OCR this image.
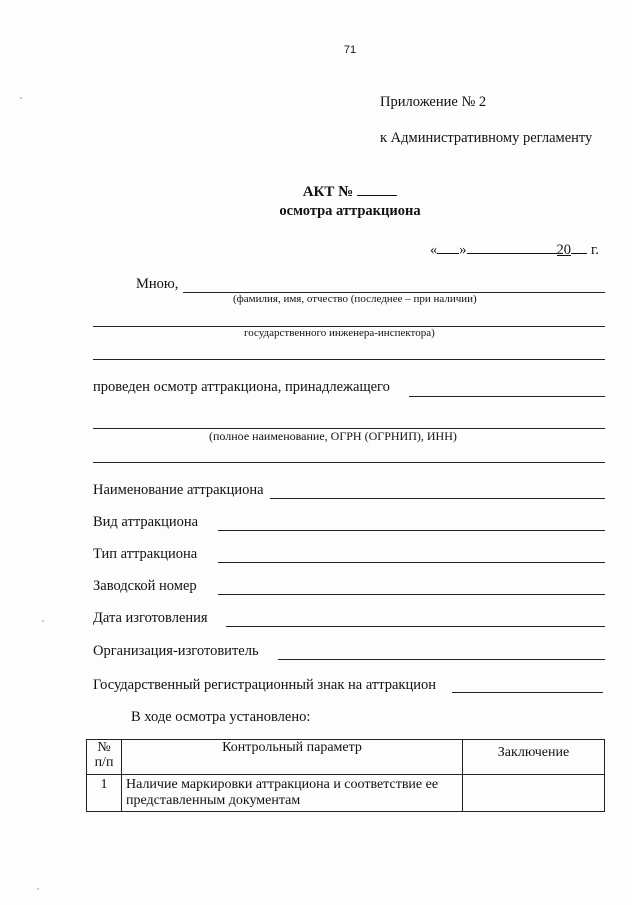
71
Приложение № 2
к Административному регламенту
АКТ №
осмотра аттракциона
« »	20 г.
Мною,
(фамилия, имя, отчество (последнее – при наличии)
государственного инженера-инспектора)
проведен осмотр аттракциона, принадлежащего
(полное наименование, ОГРН (ОГРНИП), ИНН)
Наименование аттракциона
Вид аттракциона
Тип аттракциона
Заводской номер
Дата изготовления
Организация-изготовитель
Государственный регистрационный знак на аттракцион
В ходе осмотра установлено:
№
п/п	Контрольный параметр	Заключение

1	Наличие маркировки аттракциона и соответствие ее представленным документам	
